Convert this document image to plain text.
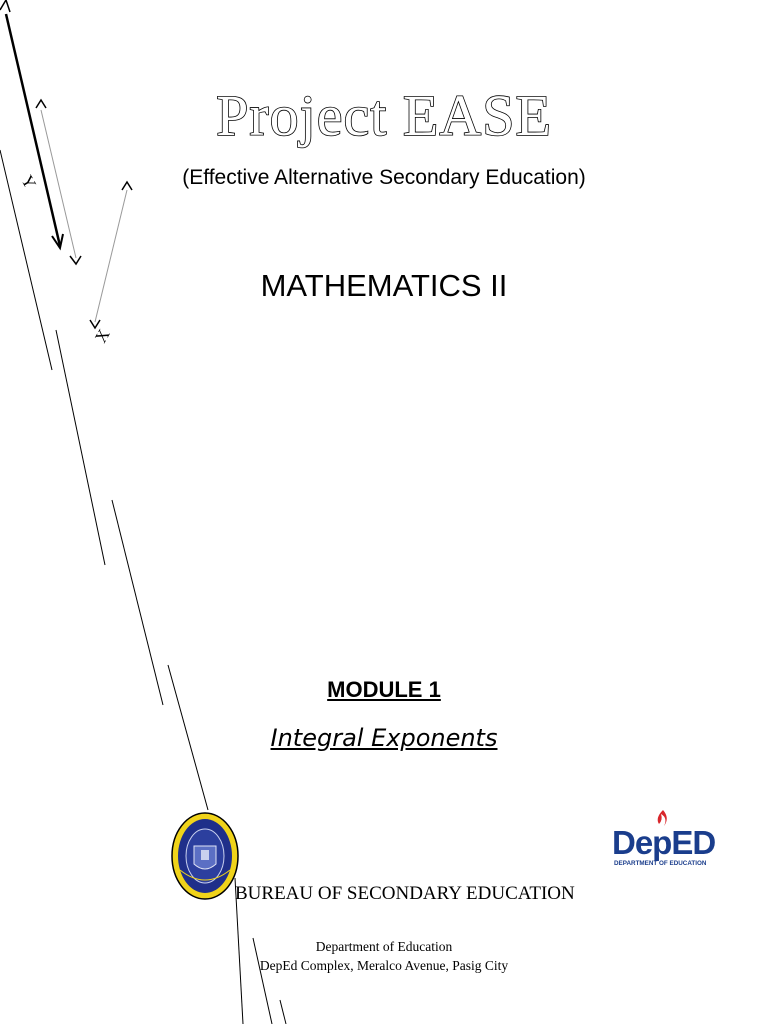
Y
X
Project EASE
(Effective Alternative Secondary Education)
MATHEMATICS II
MODULE 1
Integral Exponents
DepED
DEPARTMENT OF EDUCATION
BUREAU OF SECONDARY EDUCATION
Department of Education
DepEd Complex, Meralco Avenue, Pasig City
